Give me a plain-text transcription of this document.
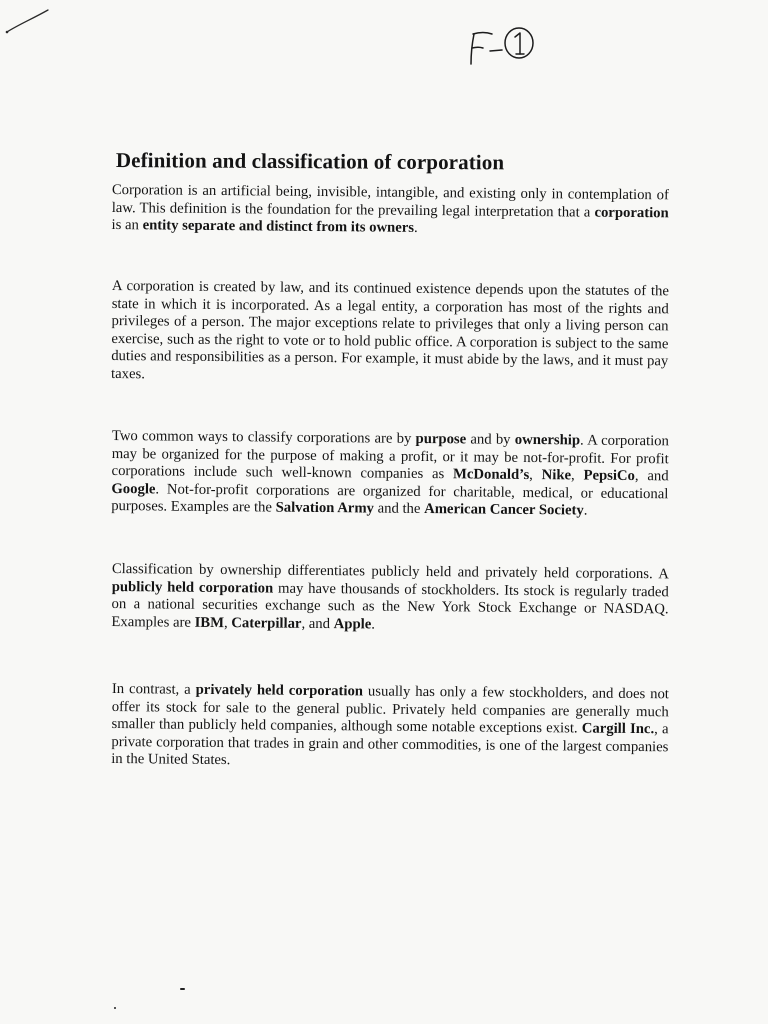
Definition and classification of corporation

Corporation is an artificial being, invisible, intangible, and existing only in contemplation of law. This definition is the foundation for the prevailing legal interpretation that a corporation is an entity separate and distinct from its owners.

A corporation is created by law, and its continued existence depends upon the statutes of the state in which it is incorporated. As a legal entity, a corporation has most of the rights and privileges of a person. The major exceptions relate to privileges that only a living person can exercise, such as the right to vote or to hold public office. A corporation is subject to the same duties and responsibilities as a person. For example, it must abide by the laws, and it must pay taxes.

Two common ways to classify corporations are by purpose and by ownership. A corporation may be organized for the purpose of making a profit, or it may be not-for-profit. For profit corporations include such well-known companies as McDonald’s, Nike, PepsiCo, and Google. Not-for-profit corporations are organized for charitable, medical, or educational purposes. Examples are the Salvation Army and the American Cancer Society.

Classification by ownership differentiates publicly held and privately held corporations. A publicly held corporation may have thousands of stockholders. Its stock is regularly traded on a national securities exchange such as the New York Stock Exchange or NASDAQ. Examples are IBM, Caterpillar, and Apple.

In contrast, a privately held corporation usually has only a few stockholders, and does not offer its stock for sale to the general public. Privately held companies are generally much smaller than publicly held companies, although some notable exceptions exist. Cargill Inc., a private corporation that trades in grain and other commodities, is one of the largest companies in the United States.
